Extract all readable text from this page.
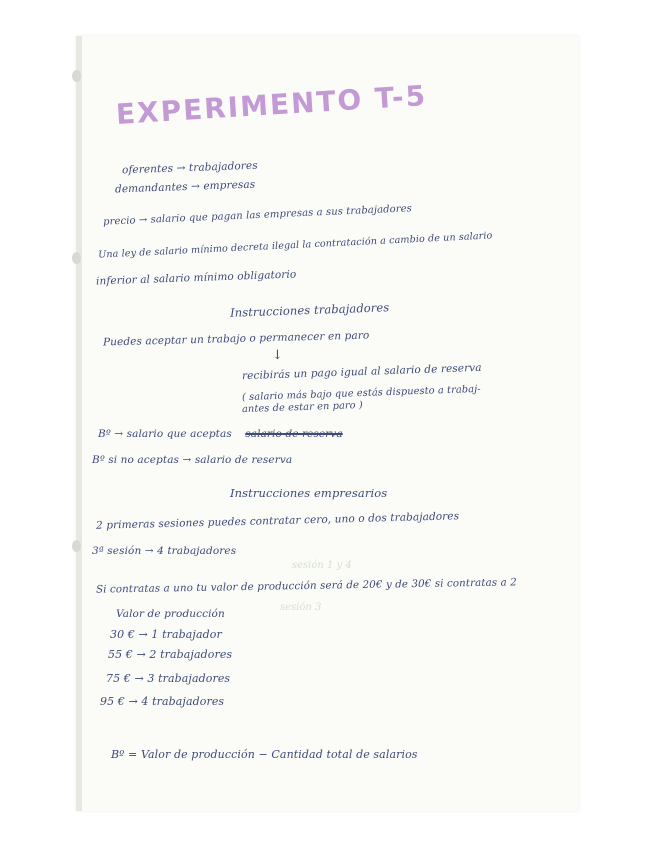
EXPERIMENTO T-5
oferentes → trabajadores
demandantes → empresas
precio → salario que pagan las empresas a sus trabajadores
Una ley de salario mínimo decreta ilegal la contratación a cambio de un salario
inferior al salario mínimo obligatorio
Instrucciones trabajadores
Puedes aceptar un trabajo o permanecer en paro
↓
recibirás un pago igual al salario de reserva
( salario más bajo que estás dispuesto a trabaj-
antes de estar en paro )
Bº → salario que aceptas salario de reserva
Bº si no aceptas → salario de reserva
Instrucciones empresarios
2 primeras sesiones puedes contratar cero, uno o dos trabajadores
3ª sesión → 4 trabajadores
sesión 1 y 4
Si contratas a uno tu valor de producción será de 20€ y de 30€ si contratas a 2
sesión 3
Valor de producción
30 € → 1 trabajador
55 € → 2 trabajadores
75 € → 3 trabajadores
95 € → 4 trabajadores
Bº = Valor de producción − Cantidad total de salarios
